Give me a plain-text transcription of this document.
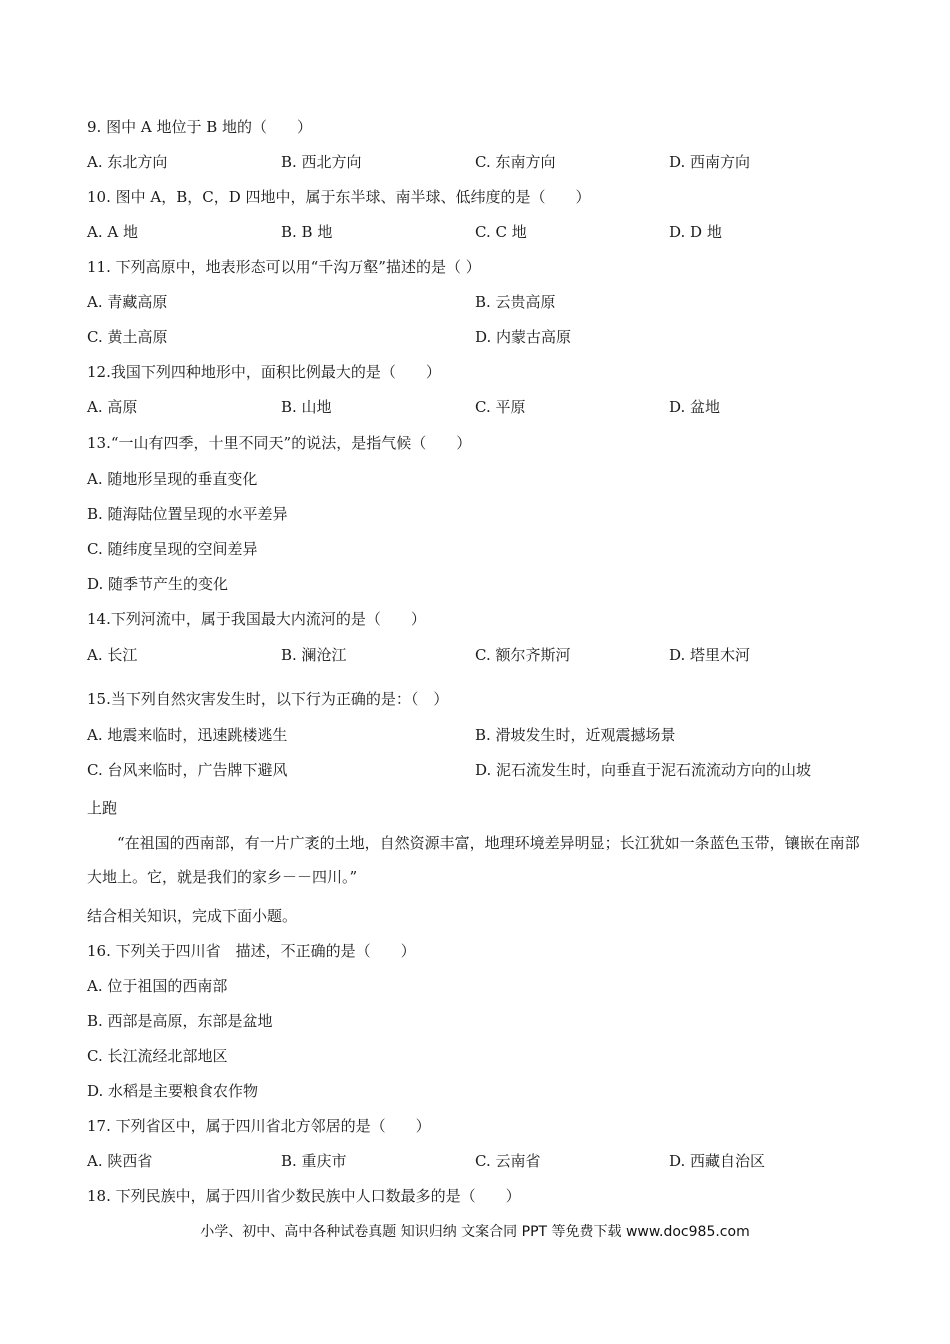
9. 图中 A 地位于 B 地的（　　）
A. 东北方向	B. 西北方向	C. 东南方向	D. 西南方向
10. 图中 A，B，C，D 四地中，属于东半球、南半球、低纬度的是（　　）
A. A 地	B. B 地	C. C 地	D. D 地
11. 下列高原中，地表形态可以用“千沟万壑”描述的是（ ）
A. 青藏高原	B. 云贵高原
C. 黄土高原	D. 内蒙古高原
12.我国下列四种地形中，面积比例最大的是（　　）
A. 高原	B. 山地	C. 平原	D. 盆地
13.“一山有四季，十里不同天”的说法，是指气候（　　）
A. 随地形呈现的垂直变化
B. 随海陆位置呈现的水平差异
C. 随纬度呈现的空间差异
D. 随季节产生的变化
14.下列河流中，属于我国最大内流河的是（　　）
A. 长江	B. 澜沧江	C. 额尔齐斯河	D. 塔里木河
15.当下列自然灾害发生时，以下行为正确的是：（　）
A. 地震来临时，迅速跳楼逃生	B. 滑坡发生时，近观震撼场景
C. 台风来临时，广告牌下避风	D. 泥石流发生时，向垂直于泥石流流动方向的山坡
上跑
“在祖国的西南部，有一片广袤的土地，自然资源丰富，地理环境差异明显；长江犹如一条蓝色玉带，镶嵌在南部大地上。它，就是我们的家乡－－四川。”
结合相关知识，完成下面小题。
16. 下列关于四川省　描述，不正确的是（　　）
A. 位于祖国的西南部
B. 西部是高原，东部是盆地
C. 长江流经北部地区
D. 水稻是主要粮食农作物
17. 下列省区中，属于四川省北方邻居的是（　　）
A. 陕西省	B. 重庆市	C. 云南省	D. 西藏自治区
18. 下列民族中，属于四川省少数民族中人口数最多的是（　　）
小学、初中、高中各种试卷真题 知识归纳 文案合同 PPT 等免费下载 www.doc985.com
